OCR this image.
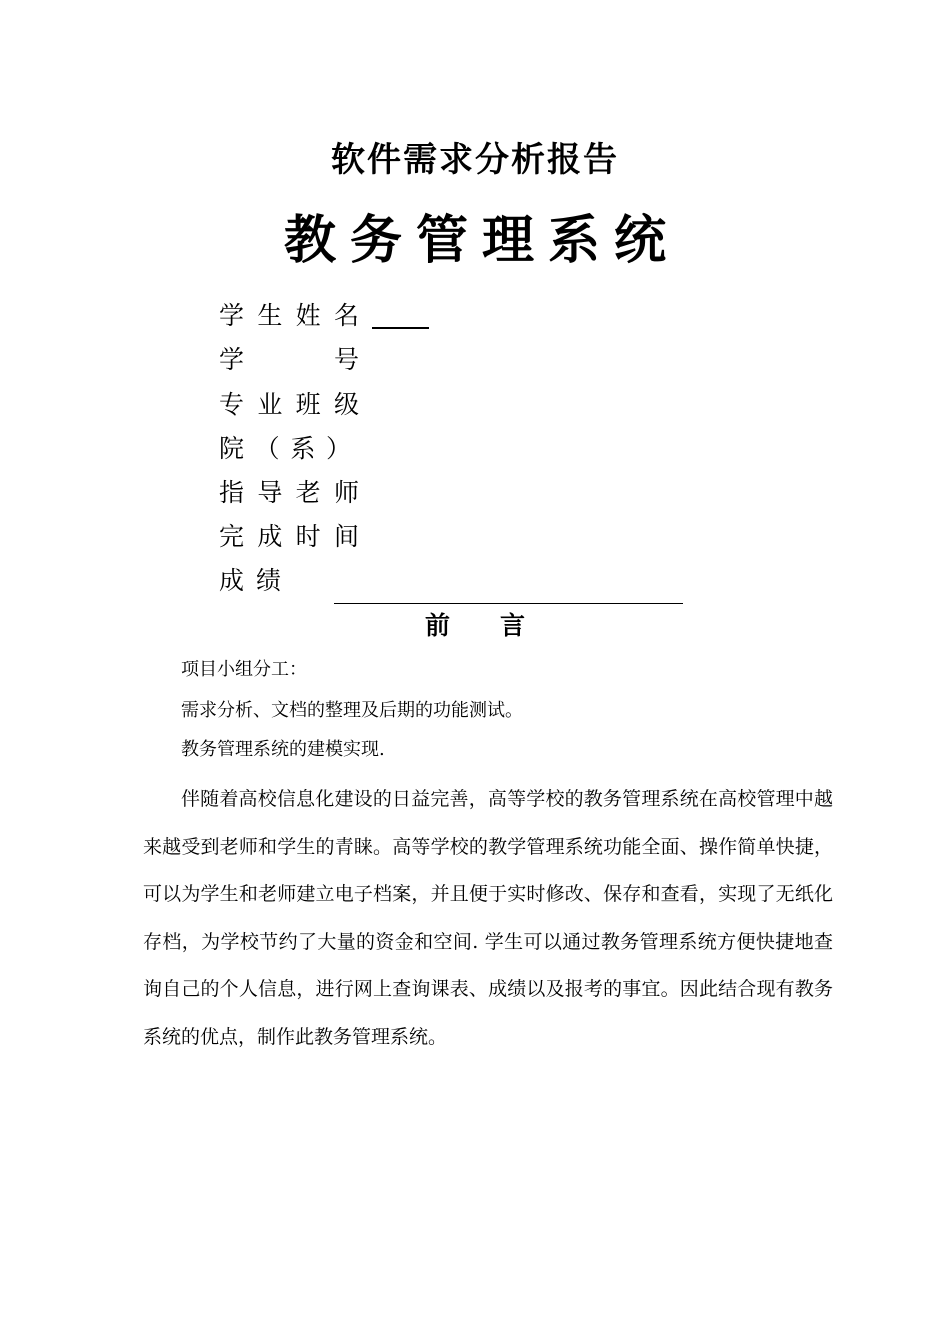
软件需求分析报告
教务管理系统
学生姓名
学号
专业班级
院（系）
指导老师
完成时间
成绩
前言
项目小组分工：
需求分析、文档的整理及后期的功能测试。
教务管理系统的建模实现.

伴随着高校信息化建设的日益完善，高等学校的教务管理系统在高校管理中越来越受到老师和学生的青睐。高等学校的教学管理系统功能全面、操作简单快捷，可以为学生和老师建立电子档案，并且便于实时修改、保存和查看，实现了无纸化存档，为学校节约了大量的资金和空间. 学生可以通过教务管理系统方便快捷地查询自己的个人信息，进行网上查询课表、成绩以及报考的事宜。因此结合现有教务系统的优点，制作此教务管理系统。
